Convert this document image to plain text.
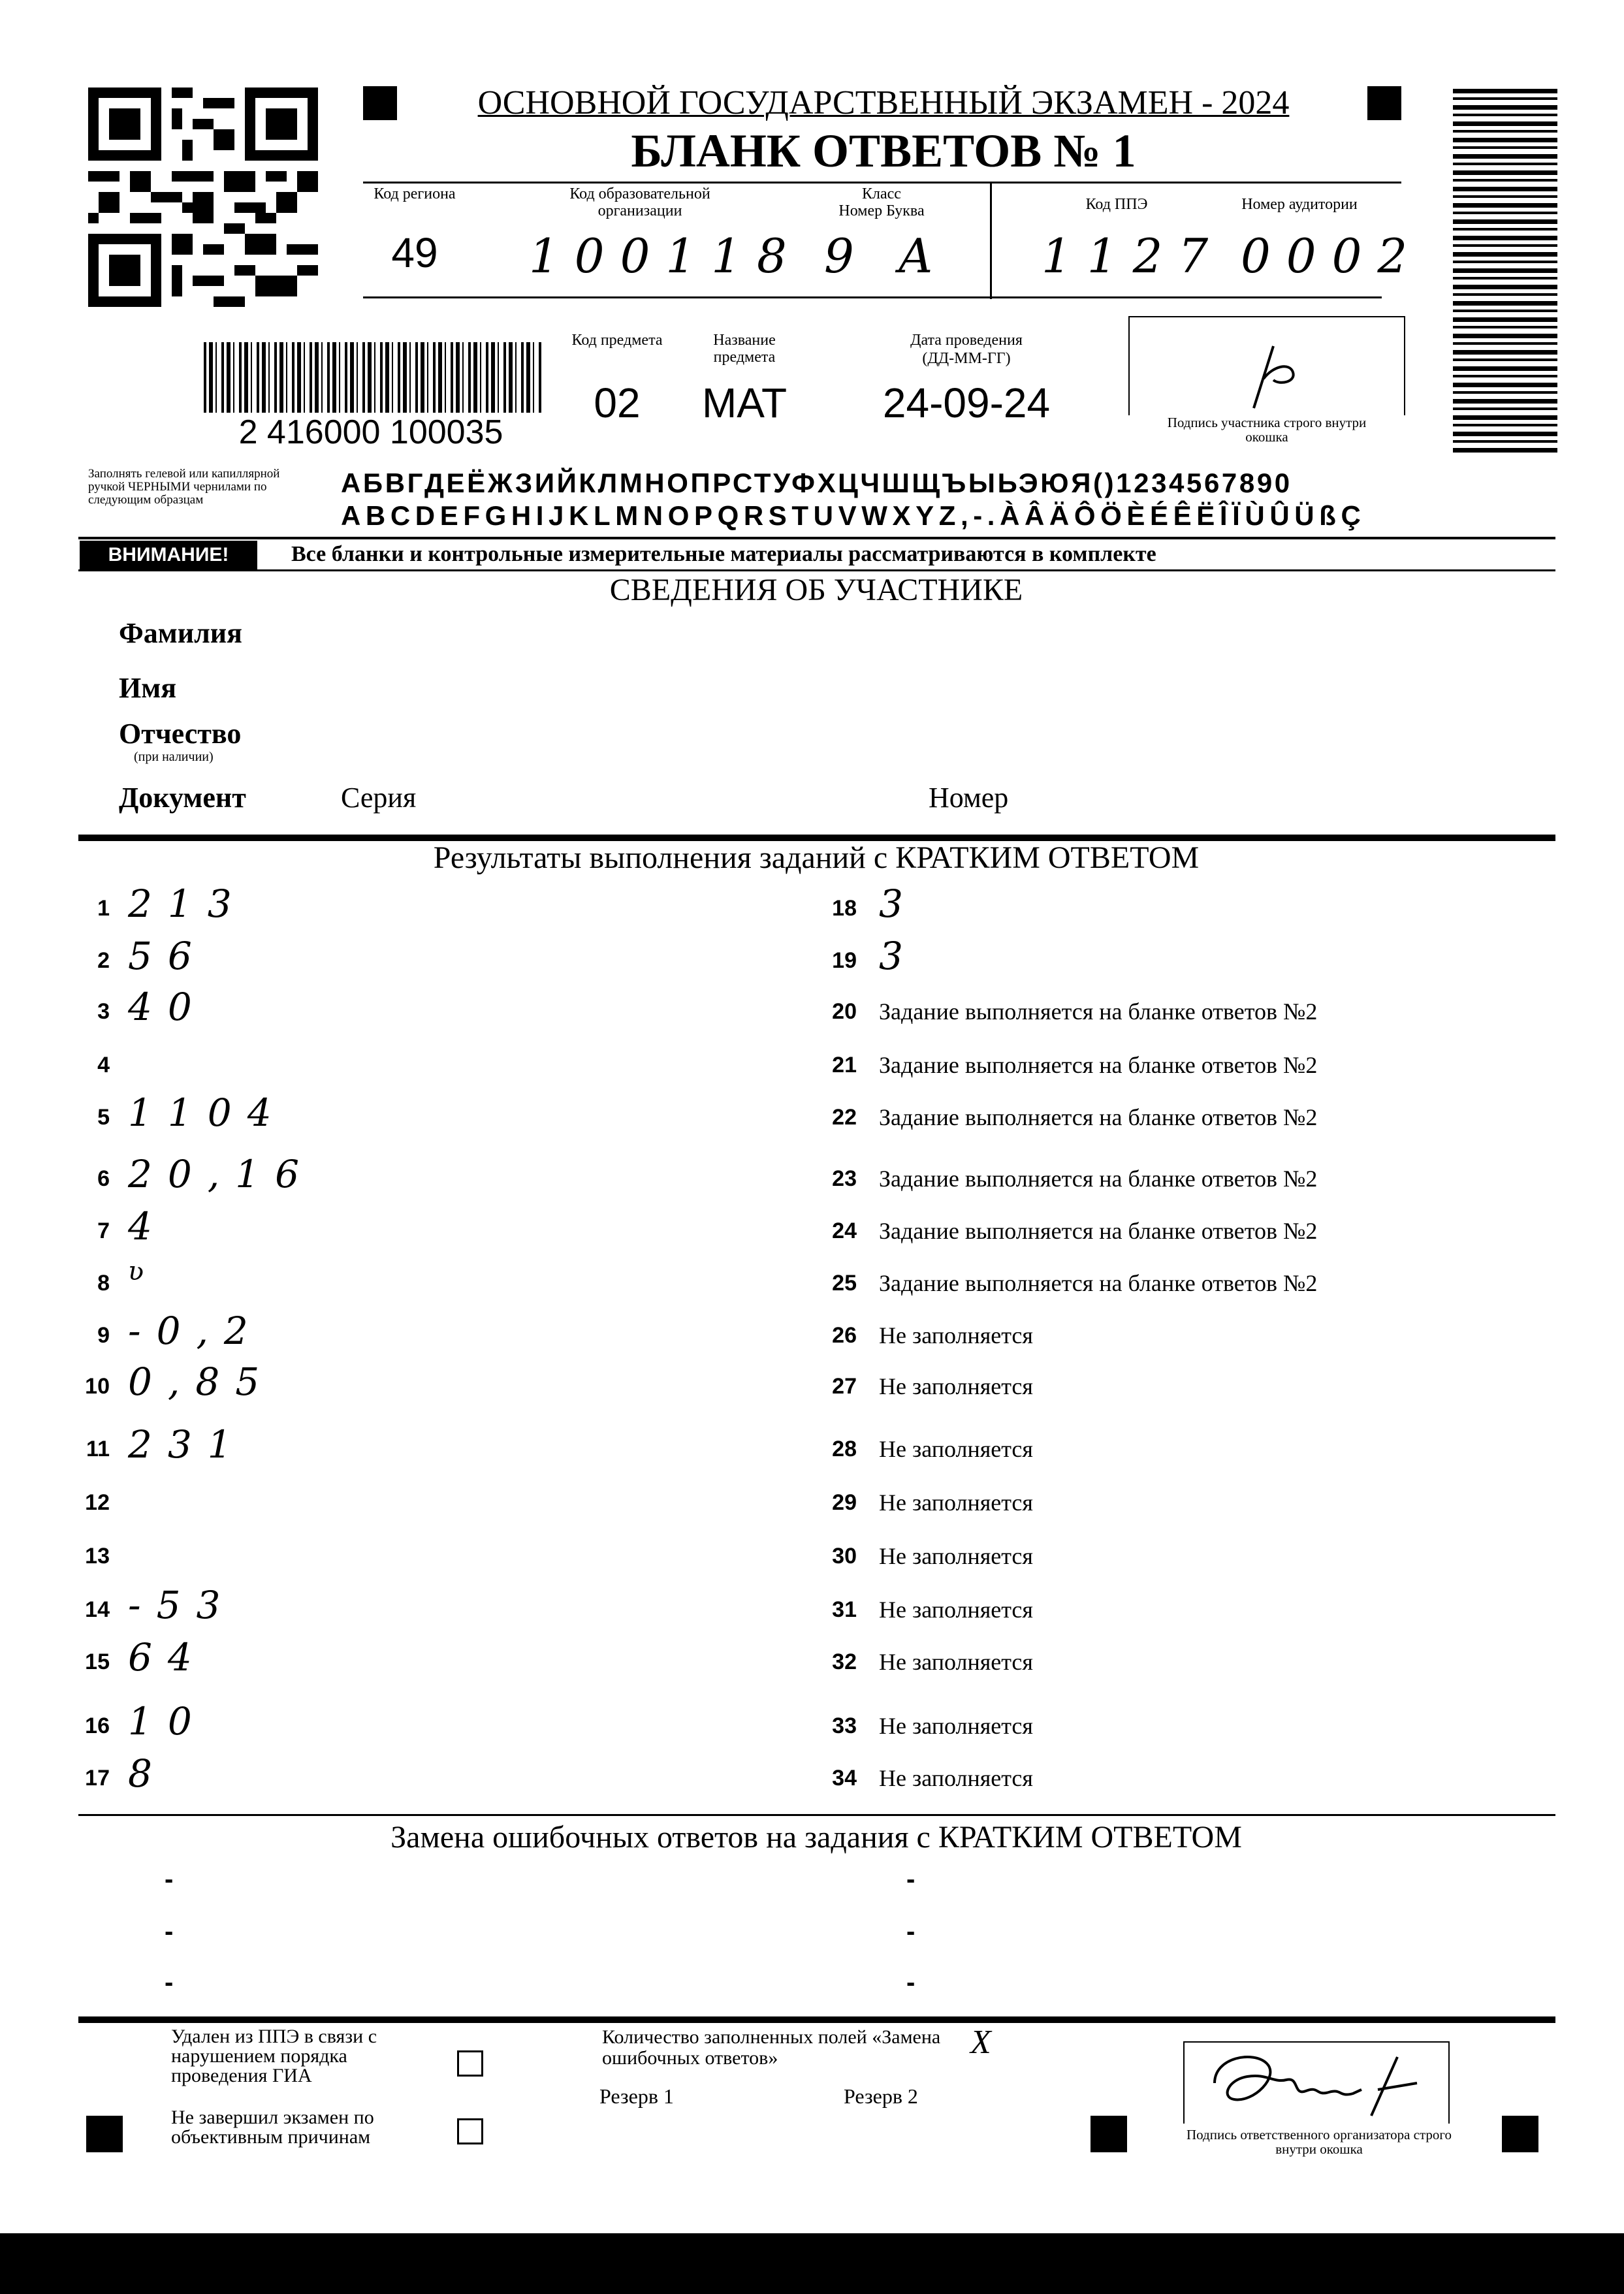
ОСНОВНОЙ ГОСУДАРСТВЕННЫЙ ЭКЗАМЕН - 2024
БЛАНК ОТВЕТОВ № 1
Код региона
49
Код образовательной организации
100118
Класс
Номер Буква
9 А
Код ППЭ
1127
Номер аудитории
0002
2 416000 100035
Код предмета
02
Название предмета
МАТ
Дата проведения
(ДД-ММ-ГГ)
24-09-24	Подпись участника строго внутри окошка
Заполнять гелевой или капиллярной ручкой ЧЕРНЫМИ чернилами по следующим образцам
АБВГДЕЁЖЗИЙКЛМНОПРСТУФХЦЧШЩЪЫЬЭЮЯ()1234567890
ABCDEFGHIJKLMNOPQRSTUVWXYZ,-.ÀÂÄÔÖÈÉÊËÎÏÙÛÜßÇ
ВНИМАНИЕ!	Все бланки и контрольные измерительные материалы рассматриваются в комплекте
СВЕДЕНИЯ ОБ УЧАСТНИКЕ
Фамилия
Имя
Отчество
(при наличии)
Документ	Серия	Номер
Результаты выполнения заданий с КРАТКИМ ОТВЕТОМ
1 213
2 56
3 40
4
5 1104
6 20,16
7 4
8 ʋ
9 -0,2
10 0,85
11 231
12
13
14 -53
15 64
16 10
17 8
18 3
19 3
20 Задание выполняется на бланке ответов №2
21 Задание выполняется на бланке ответов №2
22 Задание выполняется на бланке ответов №2
23 Задание выполняется на бланке ответов №2
24 Задание выполняется на бланке ответов №2
25 Задание выполняется на бланке ответов №2
26 Не заполняется
27 Не заполняется
28 Не заполняется
29 Не заполняется
30 Не заполняется
31 Не заполняется
32 Не заполняется
33 Не заполняется
34 Не заполняется
Замена ошибочных ответов на задания с КРАТКИМ ОТВЕТОМ
-
-
-
-
-
-
Удален из ППЭ в связи с нарушением порядка проведения ГИА
Не завершил экзамен по объективным причинам
Количество заполненных полей «Замена ошибочных ответов»	X
Резерв 1	Резерв 2
Подпись ответственного организатора строго внутри окошка
